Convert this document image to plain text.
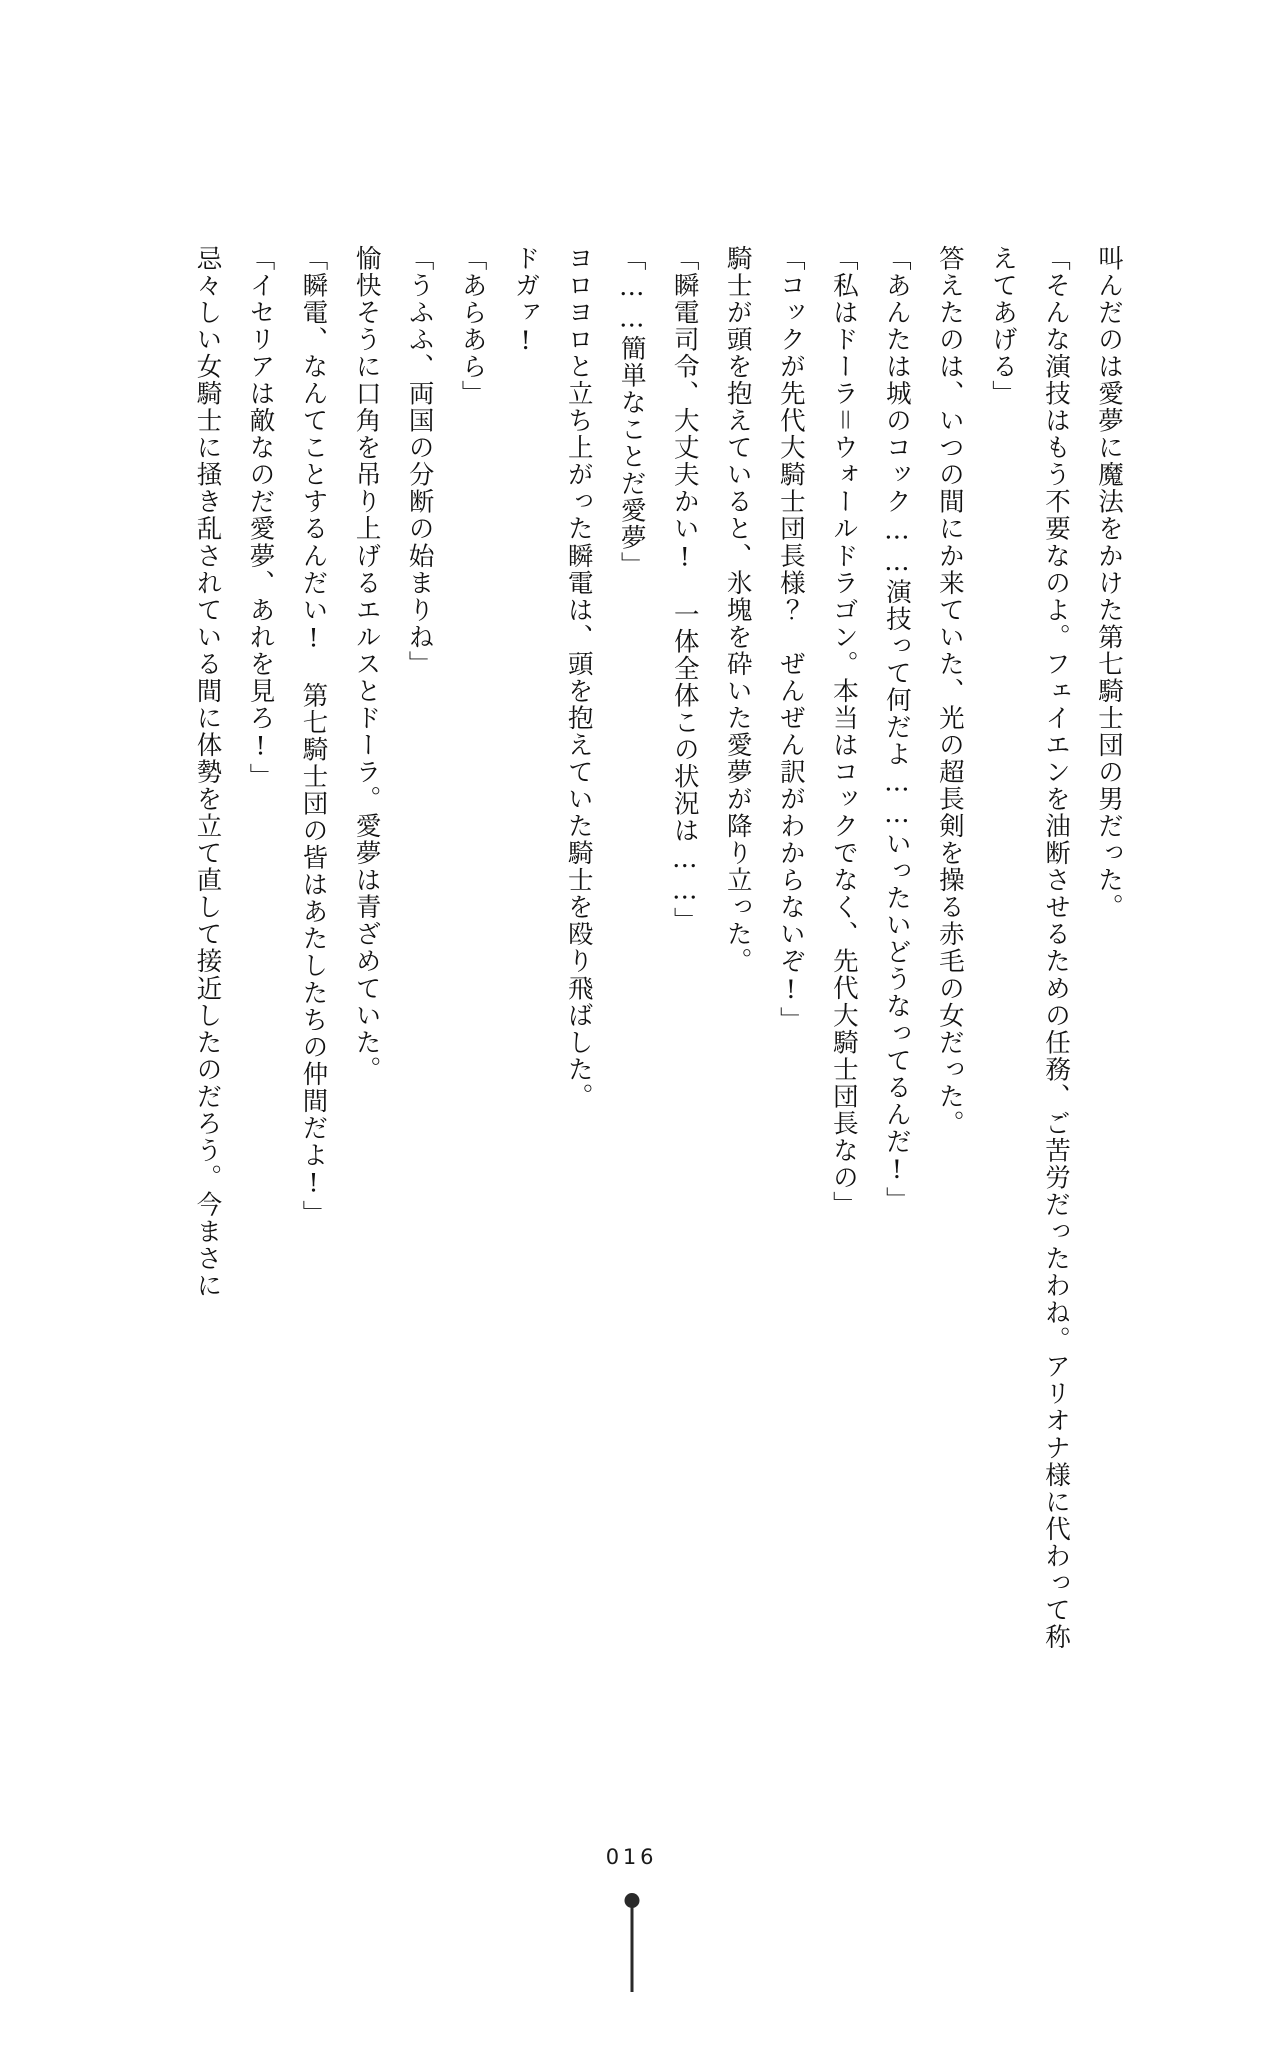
叫んだのは愛夢に魔法をかけた第七騎士団の男だった。

「そんな演技はもう不要なのよ。フェイエンを油断させるための任務、ご苦労だったわね。アリオナ様に代わって称えてあげる」

答えたのは、いつの間にか来ていた、光の超長剣を操る赤毛の女だった。

「あんたは城のコック……演技って何だよ……いったいどうなってるんだ!」

「私はドーラ＝ウォールドラゴン。本当はコックでなく、先代大騎士団長なの」

「コックが先代大騎士団長様？　ぜんぜん訳がわからないぞ!」

騎士が頭を抱えていると、氷塊を砕いた愛夢が降り立った。

「瞬電司令、大丈夫かい!　一体全体この状況は……」

「……簡単なことだ愛夢」

ヨロヨロと立ち上がった瞬電は、頭を抱えていた騎士を殴り飛ばした。

ドガァ!

「あらあら」

「うふふ、両国の分断の始まりね」

愉快そうに口角を吊り上げるエルスとドーラ。愛夢は青ざめていた。

「瞬電、なんてことするんだい!　第七騎士団の皆はあたしたちの仲間だよ!」

「イセリアは敵なのだ愛夢、あれを見ろ!」

忌々しい女騎士に掻き乱されている間に体勢を立て直して接近したのだろう。今まさに

016
